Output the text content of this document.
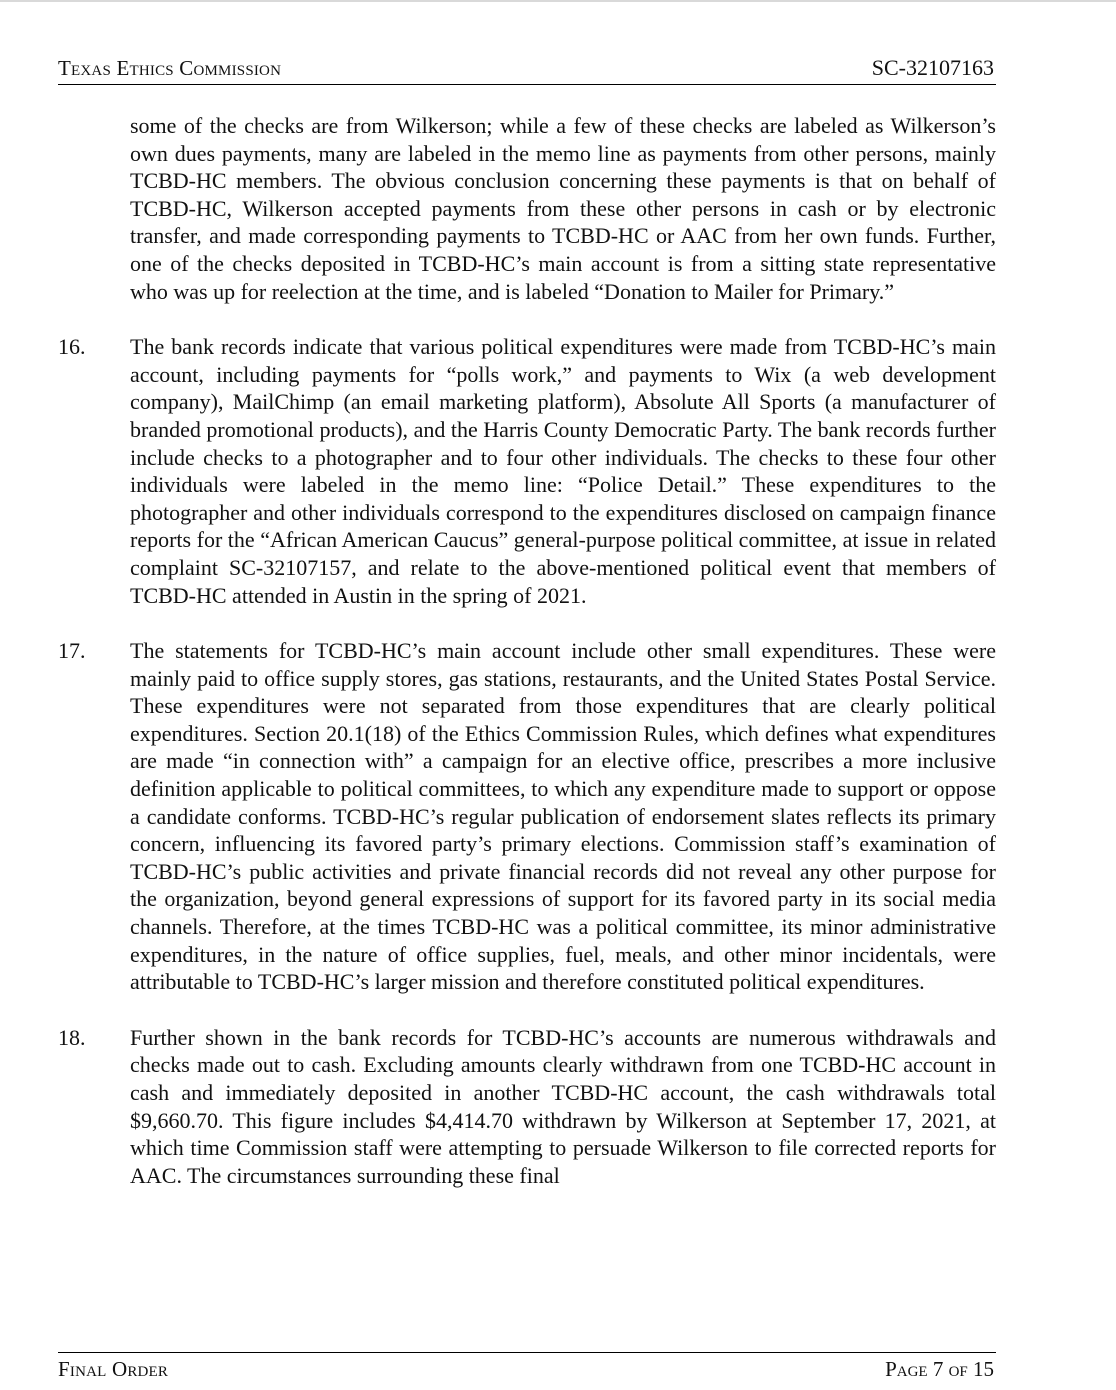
Texas Ethics Commission	SC-32107163
some of the checks are from Wilkerson; while a few of these checks are labeled as Wilkerson’s own dues payments, many are labeled in the memo line as payments from other persons, mainly TCBD-HC members. The obvious conclusion concerning these payments is that on behalf of TCBD-HC, Wilkerson accepted payments from these other persons in cash or by electronic transfer, and made corresponding payments to TCBD-HC or AAC from her own funds. Further, one of the checks deposited in TCBD-HC’s main account is from a sitting state representative who was up for reelection at the time, and is labeled “Donation to Mailer for Primary.”
16.	The bank records indicate that various political expenditures were made from TCBD-HC’s main account, including payments for “polls work,” and payments to Wix (a web development company), MailChimp (an email marketing platform), Absolute All Sports (a manufacturer of branded promotional products), and the Harris County Democratic Party. The bank records further include checks to a photographer and to four other individuals. The checks to these four other individuals were labeled in the memo line: “Police Detail.” These expenditures to the photographer and other individuals correspond to the expenditures disclosed on campaign finance reports for the “African American Caucus” general-purpose political committee, at issue in related complaint SC-32107157, and relate to the above-mentioned political event that members of TCBD-HC attended in Austin in the spring of 2021.
17.	The statements for TCBD-HC’s main account include other small expenditures. These were mainly paid to office supply stores, gas stations, restaurants, and the United States Postal Service. These expenditures were not separated from those expenditures that are clearly political expenditures. Section 20.1(18) of the Ethics Commission Rules, which defines what expenditures are made “in connection with” a campaign for an elective office, prescribes a more inclusive definition applicable to political committees, to which any expenditure made to support or oppose a candidate conforms. TCBD-HC’s regular publication of endorsement slates reflects its primary concern, influencing its favored party’s primary elections. Commission staff’s examination of TCBD-HC’s public activities and private financial records did not reveal any other purpose for the organization, beyond general expressions of support for its favored party in its social media channels. Therefore, at the times TCBD-HC was a political committee, its minor administrative expenditures, in the nature of office supplies, fuel, meals, and other minor incidentals, were attributable to TCBD-HC’s larger mission and therefore constituted political expenditures.
18.	Further shown in the bank records for TCBD-HC’s accounts are numerous withdrawals and checks made out to cash. Excluding amounts clearly withdrawn from one TCBD-HC account in cash and immediately deposited in another TCBD-HC account, the cash withdrawals total $9,660.70. This figure includes $4,414.70 withdrawn by Wilkerson at September 17, 2021, at which time Commission staff were attempting to persuade Wilkerson to file corrected reports for AAC. The circumstances surrounding these final
Final Order	Page 7 of 15
